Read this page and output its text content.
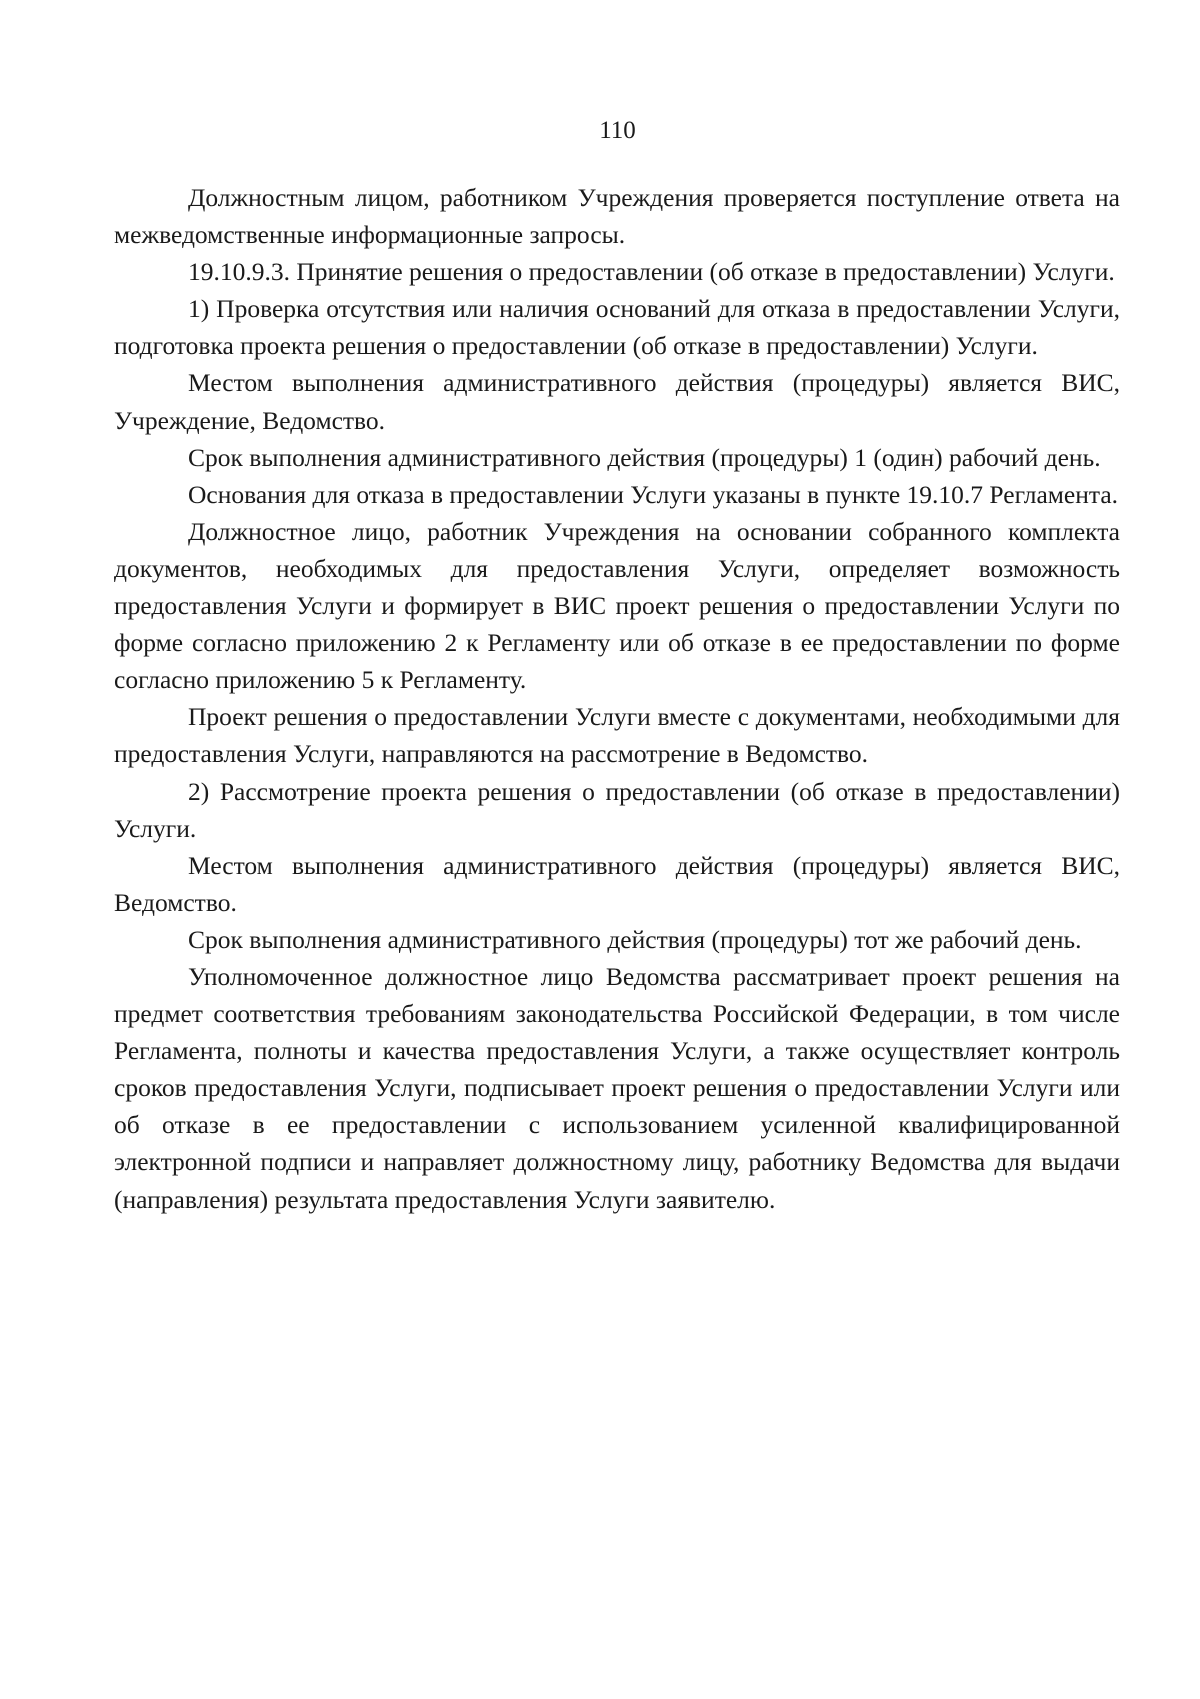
110

Должностным лицом, работником Учреждения проверяется поступление ответа на межведомственные информационные запросы.

19.10.9.3. Принятие решения о предоставлении (об отказе в предоставлении) Услуги.

1) Проверка отсутствия или наличия оснований для отказа в предоставлении Услуги, подготовка проекта решения о предоставлении (об отказе в предоставлении) Услуги.

Местом выполнения административного действия (процедуры) является ВИС, Учреждение, Ведомство.

Срок выполнения административного действия (процедуры) 1 (один) рабочий день.

Основания для отказа в предоставлении Услуги указаны в пункте 19.10.7 Регламента.

Должностное лицо, работник Учреждения на основании собранного комплекта документов, необходимых для предоставления Услуги, определяет возможность предоставления Услуги и формирует в ВИС проект решения о предоставлении Услуги по форме согласно приложению 2 к Регламенту или об отказе в ее предоставлении по форме согласно приложению 5 к Регламенту.

Проект решения о предоставлении Услуги вместе с документами, необходимыми для предоставления Услуги, направляются на рассмотрение в Ведомство.

2) Рассмотрение проекта решения о предоставлении (об отказе в предоставлении) Услуги.

Местом выполнения административного действия (процедуры) является ВИС, Ведомство.

Срок выполнения административного действия (процедуры) тот же рабочий день.

Уполномоченное должностное лицо Ведомства рассматривает проект решения на предмет соответствия требованиям законодательства Российской Федерации, в том числе Регламента, полноты и качества предоставления Услуги, а также осуществляет контроль сроков предоставления Услуги, подписывает проект решения о предоставлении Услуги или об отказе в ее предоставлении с использованием усиленной квалифицированной электронной подписи и направляет должностному лицу, работнику Ведомства для выдачи (направления) результата предоставления Услуги заявителю.
